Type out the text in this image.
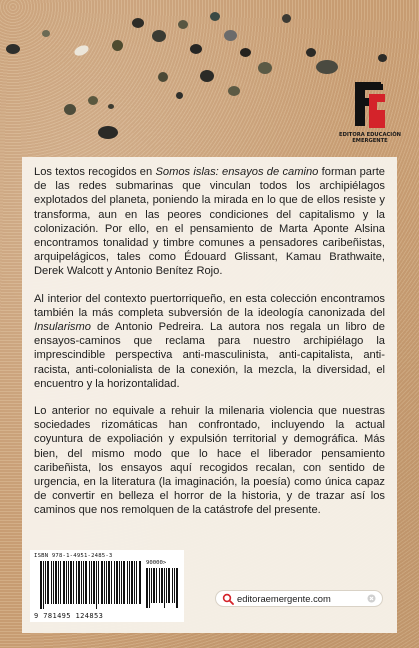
EDITORA EDUCACIÓN EMERGENTE

Los textos recogidos en Somos islas: ensayos de camino forman parte de las redes submarinas que vinculan todos los archipiélagos explotados del planeta, poniendo la mirada en lo que de ellos resiste y transforma, aun en las peores condiciones del capitalismo y la colonización. Por ello, en el pensamiento de Marta Aponte Alsina encontramos tonalidad y timbre comunes a pensadores caribeñistas, arquipelágicos, tales como Édouard Glissant, Kamau Brathwaite, Derek Walcott y Antonio Benítez Rojo.

Al interior del contexto puertorriqueño, en esta colección encontramos también la más completa subversión de la ideología canonizada del Insularismo de Antonio Pedreira. La autora nos regala un libro de ensayos-caminos que reclama para nuestro archipiélago la imprescindible perspectiva anti-masculinista, anti-capitalista, anti-racista, anti-colonialista de la conexión, la mezcla, la diversidad, el encuentro y la horizontalidad.

Lo anterior no equivale a rehuir la milenaria violencia que nuestras sociedades rizomáticas han confrontado, incluyendo la actual coyuntura de expoliación y expulsión territorial y demográfica. Más bien, del mismo modo que lo hace el liberador pensamiento caribeñista, los ensayos aquí recogidos recalan, con sentido de urgencia, en la literatura (la imaginación, la poesía) como única capaz de convertir en belleza el horror de la historia, y de trazar así los caminos que nos remolquen de la catástrofe del presente.

ISBN 978-1-4951-2485-3
90000>
9 781495 124853
editoraemergente.com
